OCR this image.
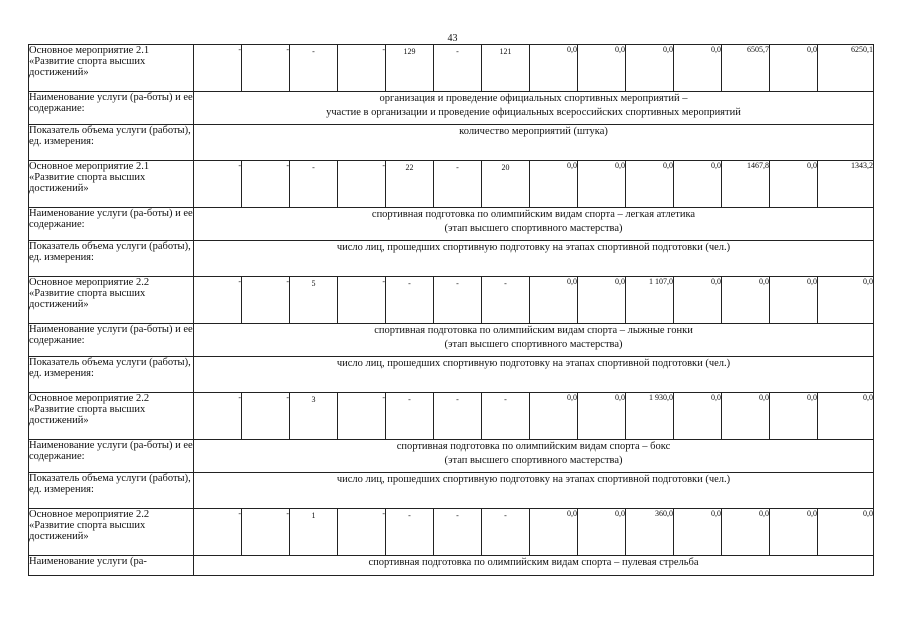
43
Основное мероприятие 2.1 «Развитие спорта высших достижений»	-	-	-	-	129	-	121	0,0	0,0	0,0	0,0	6505,7	0,0	6250,1
Наименование услуги (ра-боты) и ее содержание:	организация и проведение официальных спортивных мероприятий –
участие в организации и проведение официальных всероссийских спортивных мероприятий													

Показатель объема услуги (работы), ед. измерения:	количество мероприятий (штука)													

Основное мероприятие 2.1 «Развитие спорта высших достижений»	-	-	-	-	22	-	20	0,0	0,0	0,0	0,0	1467,8	0,0	1343,2
Наименование услуги (ра-боты) и ее содержание:	спортивная подготовка по олимпийским видам спорта – легкая атлетика
(этап высшего спортивного мастерства)													

Показатель объема услуги (работы), ед. измерения:	число лиц, прошедших спортивную подготовку на этапах спортивной подготовки (чел.)													

Основное мероприятие 2.2 «Развитие спорта высших достижений»	-	-	5	-	-	-	-	0,0	0,0	1 107,0	0,0	0,0	0,0	0,0
Наименование услуги (ра-боты) и ее содержание:	спортивная подготовка по олимпийским видам спорта – лыжные гонки
(этап высшего спортивного мастерства)													

Показатель объема услуги (работы), ед. измерения:	число лиц, прошедших спортивную подготовку на этапах спортивной подготовки (чел.)													

Основное мероприятие 2.2 «Развитие спорта высших достижений»	-	-	3	-	-	-	-	0,0	0,0	1 930,0	0,0	0,0	0,0	0,0
Наименование услуги (ра-боты) и ее содержание:	спортивная подготовка по олимпийским видам спорта – бокс
(этап высшего спортивного мастерства)													

Показатель объема услуги (работы), ед. измерения:	число лиц, прошедших спортивную подготовку на этапах спортивной подготовки (чел.)													

Основное мероприятие 2.2 «Развитие спорта высших достижений»	-	-	1	-	-	-	-	0,0	0,0	360,0	0,0	0,0	0,0	0,0
Наименование услуги (ра-	спортивная подготовка по олимпийским видам спорта – пулевая стрельба													
